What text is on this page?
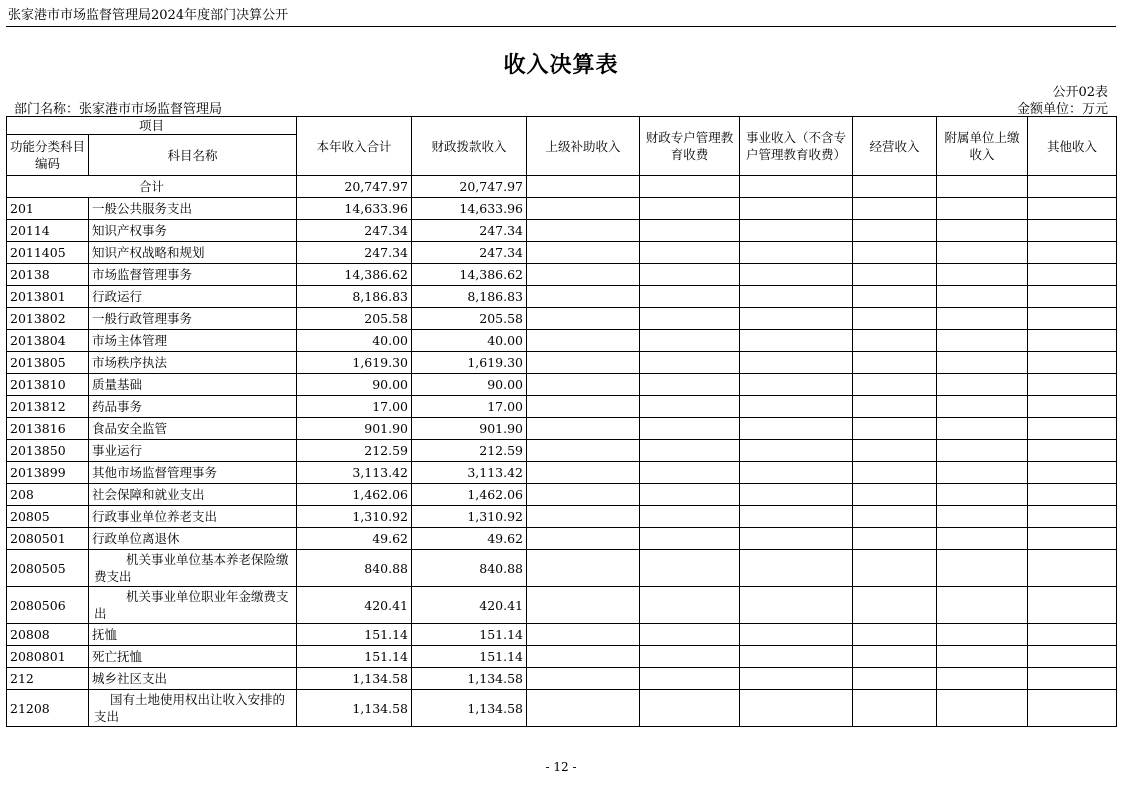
张家港市市场监督管理局2024年度部门决算公开
收入决算表
公开02表
部门名称：张家港市市场监督管理局	金额单位：万元
项目		本年收入合计	财政拨款收入	上级补助收入	财政专户管理教育收费	事业收入（不含专户管理教育收费）	经营收入	附属单位上缴收入	其他收入
功能分类科目编码	科目名称								
合计		20,747.97	20,747.97						
201	一般公共服务支出	14,633.96	14,633.96						
20114	知识产权事务	247.34	247.34						
2011405	知识产权战略和规划	247.34	247.34						
20138	市场监督管理事务	14,386.62	14,386.62						
2013801	行政运行	8,186.83	8,186.83						
2013802	一般行政管理事务	205.58	205.58						
2013804	市场主体管理	40.00	40.00						
2013805	市场秩序执法	1,619.30	1,619.30						
2013810	质量基础	90.00	90.00						
2013812	药品事务	17.00	17.00						
2013816	食品安全监管	901.90	901.90						
2013850	事业运行	212.59	212.59						
2013899	其他市场监督管理事务	3,113.42	3,113.42						
208	社会保障和就业支出	1,462.06	1,462.06						
20805	行政事业单位养老支出	1,310.92	1,310.92						
2080501	行政单位离退休	49.62	49.62						
2080505	机关事业单位基本养老保险缴费支出	840.88	840.88						
2080506	机关事业单位职业年金缴费支出	420.41	420.41						
20808	抚恤	151.14	151.14						
2080801	死亡抚恤	151.14	151.14						
212	城乡社区支出	1,134.58	1,134.58						
21208	国有土地使用权出让收入安排的支出	1,134.58	1,134.58						
- 12 -
